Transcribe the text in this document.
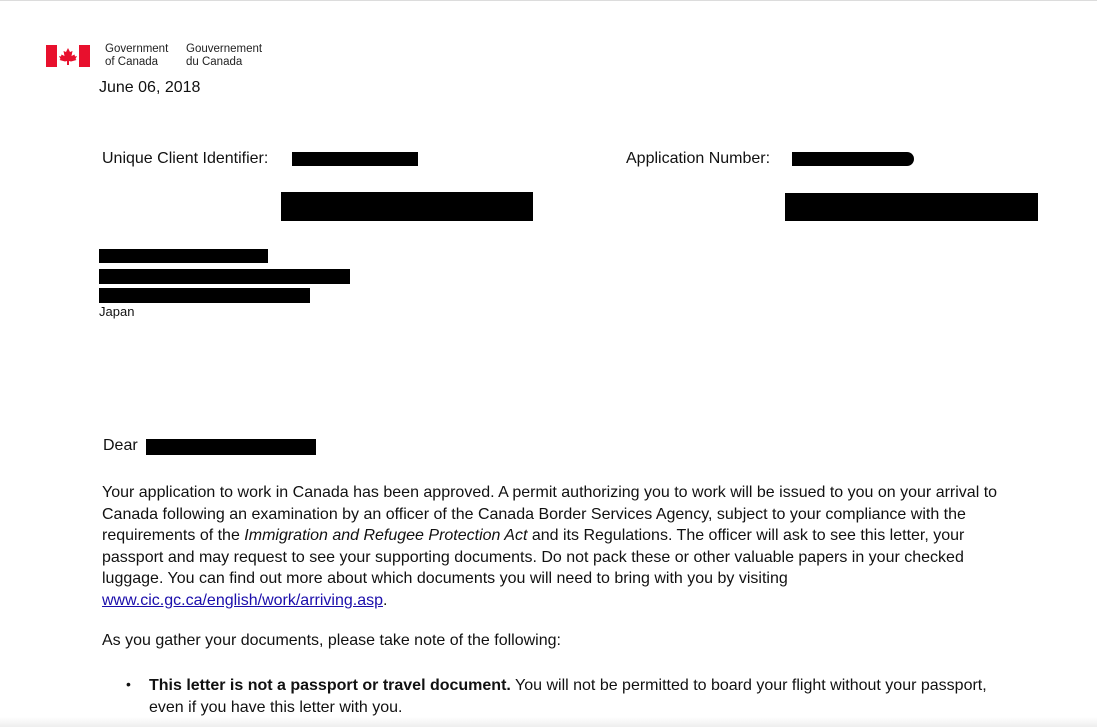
Government
of Canada
Gouvernement
du Canada
June 06, 2018
Unique Client Identifier:	Application Number:
Japan
Dear

Your application to work in Canada has been approved. A permit authorizing you to work will be issued to you on your arrival to Canada following an examination by an officer of the Canada Border Services Agency, subject to your compliance with the requirements of the Immigration and Refugee Protection Act and its Regulations. The officer will ask to see this letter, your passport and may request to see your supporting documents. Do not pack these or other valuable papers in your checked luggage. You can find out more about which documents you will need to bring with you by visiting www.cic.gc.ca/english/work/arriving.asp.

As you gather your documents, please take note of the following:

• This letter is not a passport or travel document. You will not be permitted to board your flight without your passport, even if you have this letter with you.
